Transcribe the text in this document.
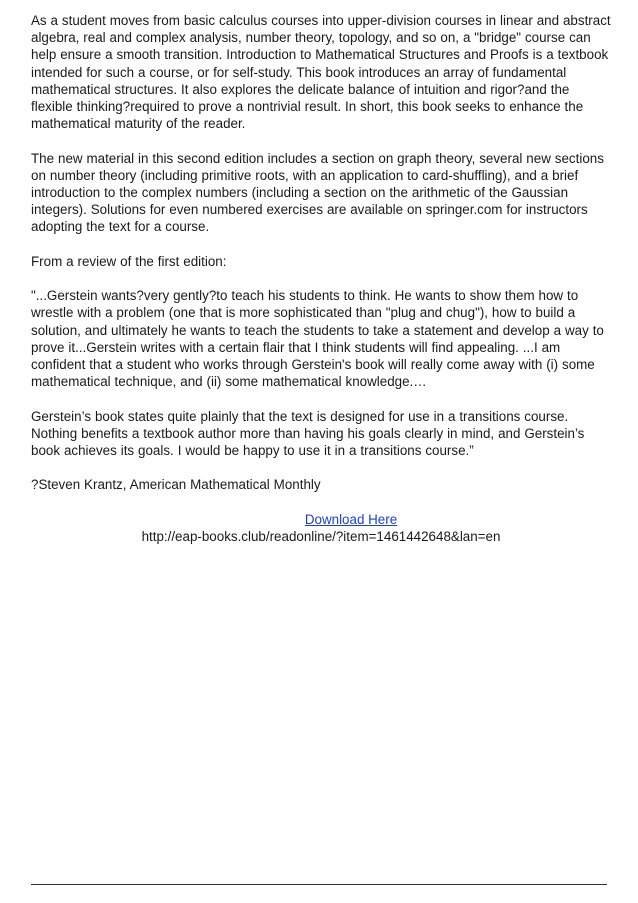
As a student moves from basic calculus courses into upper-division courses in linear and abstract algebra, real and complex analysis, number theory, topology, and so on, a "bridge" course can help ensure a smooth transition. Introduction to Mathematical Structures and Proofs is a textbook intended for such a course, or for self-study. This book introduces an array of fundamental mathematical structures. It also explores the delicate balance of intuition and rigor?and the flexible thinking?required to prove a nontrivial result. In short, this book seeks to enhance the mathematical maturity of the reader.

The new material in this second edition includes a section on graph theory, several new sections on number theory (including primitive roots, with an application to card-shuffling), and a brief introduction to the complex numbers (including a section on the arithmetic of the Gaussian integers). Solutions for even numbered exercises are available on springer.com for instructors adopting the text for a course.

From a review of the first edition:

"...Gerstein wants?very gently?to teach his students to think. He wants to show them how to wrestle with a problem (one that is more sophisticated than "plug and chug"), how to build a solution, and ultimately he wants to teach the students to take a statement and develop a way to prove it...Gerstein writes with a certain flair that I think students will find appealing. ...I am confident that a student who works through Gerstein's book will really come away with (i) some mathematical technique, and (ii) some mathematical knowledge.…

Gerstein’s book states quite plainly that the text is designed for use in a transitions course. Nothing benefits a textbook author more than having his goals clearly in mind, and Gerstein’s book achieves its goals. I would be happy to use it in a transitions course.”

?Steven Krantz, American Mathematical Monthly

Download Here
http://eap-books.club/readonline/?item=1461442648&lan=en
